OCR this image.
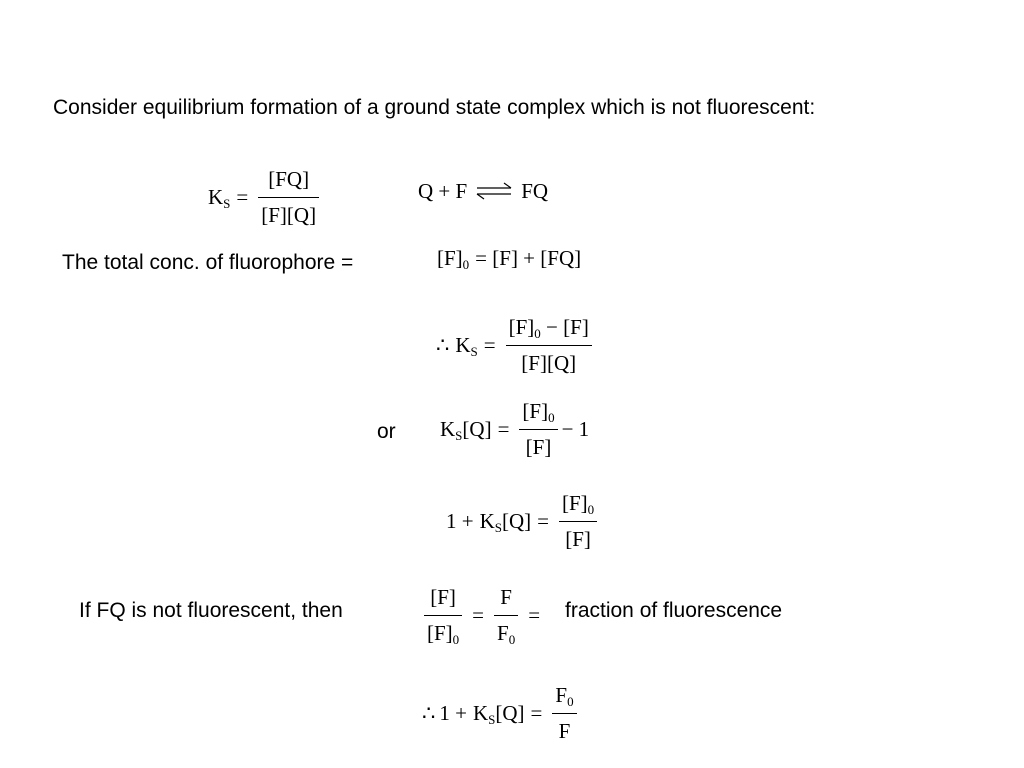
Consider equilibrium formation of a ground state complex which is not fluorescent:
$K_S = \frac{[FQ]}{[F][Q]}$	Q + F ⇌ FQ
The total conc. of fluorophore =	$[F]_0 = [F] + [FQ]$
∴ $K_S = \frac{[F]_0 - [F]}{[F][Q]}$
or $K_S$ $[Q] = \frac{[F]_0}{[F]} - 1$
$1 + K_S$ $[Q] = \frac{[F]_0}{[F]}$
If FQ is not fluorescent, then	$\frac{[F]}{[F]_0} = \frac{F}{F_0}$ = fraction of fluorescence
∴ $1 + K_S$ $[Q] = \frac{F_0}{F}$
